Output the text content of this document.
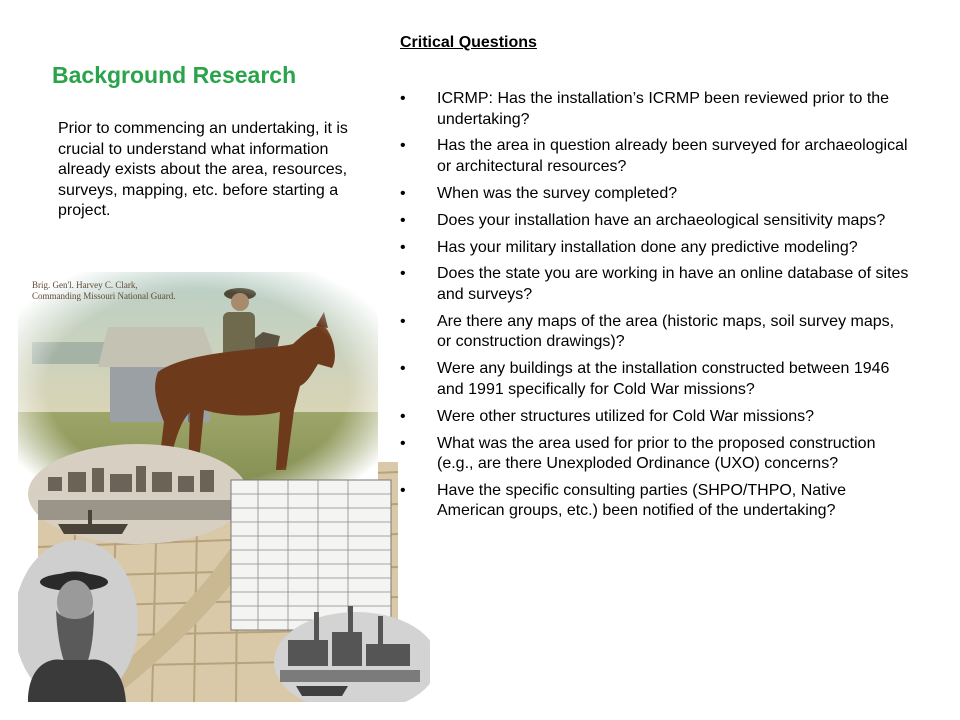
Background Research
Prior to commencing an undertaking, it is crucial to understand what information already exists about the area, resources, surveys, mapping, etc. before starting a project.
Brig. Gen'l. Harvey C. Clark,
Commanding Missouri National Guard.
Critical Questions
• ICRMP: Has the installation’s ICRMP been reviewed prior to the undertaking?
• Has the area in question already been surveyed for archaeological or architectural resources?
• When was the survey completed?
• Does your installation have an archaeological sensitivity maps?
• Has your military installation done any predictive modeling?
• Does the state you are working in have an online database of sites and surveys?
• Are there any maps of the area (historic maps, soil survey maps, or construction drawings)?
• Were any buildings at the installation constructed between 1946 and 1991 specifically for Cold War missions?
• Were other structures utilized for Cold War missions?
• What was the area used for prior to the proposed construction (e.g., are there Unexploded Ordinance (UXO) concerns?
• Have the specific consulting parties (SHPO/THPO, Native American groups, etc.) been notified of the undertaking?
